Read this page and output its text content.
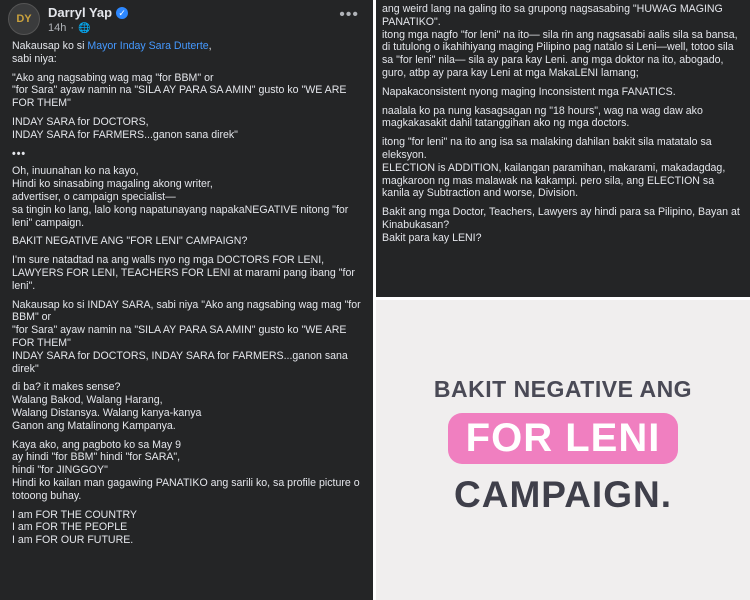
DY Darryl Yap ✓
14h · 🌐
•••

Nakausap ko si Mayor Inday Sara Duterte,
sabi niya:

"Ako ang nagsabing wag mag "for BBM" or
"for Sara" ayaw namin na "SILA AY PARA SA AMIN" gusto ko "WE ARE FOR THEM"

INDAY SARA for DOCTORS,
INDAY SARA for FARMERS...ganon sana direk"

•••

Oh, inuunahan ko na kayo,
Hindi ko sinasabing magaling akong writer,
advertiser, o campaign specialist—
sa tingin ko lang, lalo kong napatunayang napakaNEGATIVE nitong "for leni" campaign.

BAKIT NEGATIVE ANG "FOR LENI" CAMPAIGN?

I'm sure natadtad na ang walls nyo ng mga DOCTORS FOR LENI, LAWYERS FOR LENI, TEACHERS FOR LENI at marami pang ibang "for leni".

Nakausap ko si INDAY SARA, sabi niya "Ako ang nagsabing wag mag "for BBM" or
"for Sara" ayaw namin na "SILA AY PARA SA AMIN" gusto ko "WE ARE FOR THEM"
INDAY SARA for DOCTORS, INDAY SARA for FARMERS...ganon sana direk"

di ba? it makes sense?
Walang Bakod, Walang Harang,
Walang Distansya. Walang kanya-kanya
Ganon ang Matalinong Kampanya.

Kaya ako, ang pagboto ko sa May 9
ay hindi "for BBM" hindi "for SARA",
hindi "for JINGGOY"
Hindi ko kailan man gagawing PANATIKO ang sarili ko, sa profile picture o totoong buhay.

I am FOR THE COUNTRY
I am FOR THE PEOPLE
I am FOR OUR FUTURE.

ang weird lang na galing ito sa grupong nagsasabing "HUWAG MAGING PANATIKO".
itong mga nagfo "for leni" na ito— sila rin ang nagsasabi aalis sila sa bansa, di tutulong o ikahihiyang maging Pilipino pag natalo si Leni—well, totoo sila sa "for leni" nila— sila ay para kay Leni. ang mga doktor na ito, abogado, guro, atbp ay para kay Leni at mga MakaLENI lamang;

Napakaconsistent nyong maging Inconsistent mga FANATICS.

naalala ko pa nung kasagsagan ng "18 hours", wag na wag daw ako magkakasakit dahil tatanggihan ako ng mga doctors.

itong "for leni" na ito ang isa sa malaking dahilan bakit sila matatalo sa eleksyon.
ELECTION is ADDITION, kailangan paramihan, makarami, makadagdag, magkaroon ng mas malawak na kakampi. pero sila, ang ELECTION sa kanila ay Subtraction and worse, Division.

Bakit ang mga Doctor, Teachers, Lawyers ay hindi para sa Pilipino, Bayan at Kinabukasan?
Bakit para kay LENI?

BAKIT NEGATIVE ANG
FOR LENI
CAMPAIGN.
